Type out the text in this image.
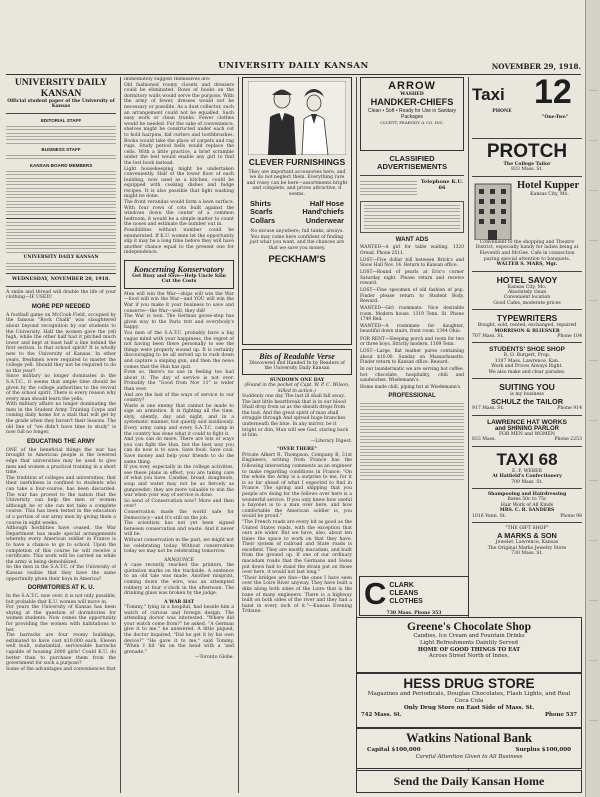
UNIVERSITY DAILY KANSAN	NOVEMBER 29, 1918.
UNIVERSITY DAILY KANSAN
Official student paper of the University of Kansas
EDITORIAL STAFF
BUSINESS STAFF
KANSAN BOARD MEMBERS
UNIVERSITY DAILY KANSAN
WEDNESDAY, NOVEMBER 20, 1918.

A smile and thread will double the life of your clothing—IF USED!

MORE PEP NEEDED

A football game on McCook Field, occupied by the famous "Rock Chalk" was slaughtered about beyond recognition by our students to the University. Half the women gave the yell high, while the other half had it pitched much lower and kept at least half a line behind the first section. Is that school spirit? It is wholly new to the University of Kansas. In other years, freshmen were required to master the college yell. Should they not be required to do so this year?

Since military no longer dominates in the S.A.T.C., it seems that ample time should be given by the college authorities to the revival of the school spirit. There is every reason why every man should learn the yells.

With military affairs no longer dominating the men in the Student Army Training Corps and coming daily home for a stall that will get by the grade when they haven't their lessons. The old line of "we didn't have time to study" is now full no longer.

EDUCATING THE ARMY

ONE of the beneficial things the war has brought to American people is the lowered edge that universities may be used to give men and women a practical training in a short time.

The tradition of colleges and universities, that their usefulness is confined to students who can take a four-course, has been discarded. The war has proved to the nation that the University can help the men or women although he or she can not take a complete course. This has been tested in the education of a portion of our army men by giving them a course in eight weeks.

Although hostilities have ceased, the War Department has made special arrangements whereby every American soldier in France is to have a chance to go to school. Upon the completion of this course he will receive a certificate. This work will be carried on while the army is being demobilized.

So the men in the S.A.T.C. of the University of Kansas realize that they have the same opportunity given their boys in America?

DORMITORIES AT K. U.

In the S.A.T.C. now over, it is not only possible, but probable that K.U. women will move in.

For years the University of Kansas has been shying at the question of dormitories for women students. Now comes the opportunity for providing the women with habitations to her.

The barracks are four roomy buildings, estimated to have cost $10,000 each. Eleven well built, substantial, serviceable barracks capable of housing 2000 girls! Could K.U. do better than to purchase them from the government for such a purpose?

Some of the advantages and conveniences that

immediately suggest themselves are:

Old fashioned roomy closets and dressers could be eliminated. Rows of hooks on the dormitory walls would serve the purpose. With the army of fewer, dresses would not be necessary or possible. As a dust collector, such an arrangement could not be equalled. Such easy work or clean trunks. Fewer clothes would be needed. For the sake of convenience, shelves might be constructed under each cot to hold hairpins, kid curlers and toothbrushes. Books would take the place of carpets and rag rugs. Study period bells would replace the cells. With a little practice, a brief scramble under the bed would enable any girl to find the lost book instead.

Light housekeeping might be undertaken conveniently. Half of the lower floor of each building, now used as a kitchen, could be equipped with cooking dishes and fudge recipes. It is also possible that light washing might be done.

The front verandas would form a lawn surface. With four rows of cots built against the windows down the center of a common bedroom, it would be a simple matter to count the noses and estimate the number out in.

Possibilities without number could be enumerated. If K.U. women let the opportunity slip it may be a long time before they will have another chance equal to the present one for independence.

Koncerning Konservatory
Get Busy and Save—Help Uncle Sam Cut the Costs

Men will win the War—ships will win the War—food will win the War—and YOU will win the War if you make it your business to save and conserve—the War—well, they did!

The War is won. The German goose-step has given way to the Paris trot and everybody's happy.

You men of the S.A.T.C. probably have a big vague mind with your happiness, the regret of not having been there personally to see the things were properly wound up. It is certainly discouraging to be all served up to rush down and capture a sniping gun, and then the news comes that the Hun has quit.

Even so, there's no use in feeling too bad about it. The day of service is not over. Probably the "Good from Nov 11" is wider than ever.

And are the last of the ways of service to our country?

Waste is one enemy that cannot be made to sign an armistice. It is fighting all the time, slyly, silently, day and night, and in a systematic manner, but quietly and insidiously. Every army camp and every S.A.T.C. camp in the country has done what it could to fight it.

And you can do more. There are lots of ways you can fight the Hun, but the best way you can do now is to save. Save food. Save coal. Save money and help your friends to do the same thing.

If you ever, especially in the college activities, see these plans in effect, you are taking care of what you have. Candles, bread, doughnuts, soap and water may not be as fiercely as gunpowder; they are more valuable to win the war when your way of service is done.

So send of Conservation now? More and then over!

Conservation made the world safe for Democracy—and it's still on the job.

The scientists has not yet been signed between conservation and waste. And it never will be.

Without conservation in the past, we might not be celebrating today. Without conservation today we may not be celebrating tomorrow.

ANNOUNCE

A case recently reached the printers, the quotation marks on the trackside. A sentence to an old tale was made. Another misprint, coming down the wire, was an attempted robbery at four o'clock in the afternoon. The drinking glass was broken by the judge.

A WAR HAT

"Tommy," lying in a hospital, had beside him a watch of curious and foreign design. The attending doctor was interested. "Where did your watch come from?" he asked. "A German give it to me," he answered. A little piqued, the doctor inquired, "Did he get it by his own device?" "He gave it to me," said Tommy, "When I hit 'im on the head with a 'and grenade."

—Toronto Globe.

CLEVER FURNISHINGS

They are important accessories here, and we do not neglect them. Everything rare and rosey can be here—assortments bright and complete, and prices attractive, it seems.

Shirts
Scarfs
Collars
Half Hose
Hand'chiefs
Underwear

No excuse anywhere; full tanks, always. You may come here confident of finding just what you want, and the chances are that we save you money.

PECKHAM'S
Bits of Readable Verse
Discovered and Handed In by Readers of the University Daily Kansan
SUNDOWN ONE DAY
(Found in the pocket of Capt. W. P. C. Wilson, killed in action.)

Suddenly one day The last ill shall fall away. The last little heartbreak that is in our blood Shall drop from us as the sheath drops from the bud, And the great spirit of man shall struggle through And spread huge branches underneath the blue. In any mirror, be it bright or dim, Man will see God, staring back at him.

—Literary Digest.

"OVER THERE"

Private Albert R. Thompson, Company B, 31st Engineers, writing from France has the following interesting comments as an engineer to make regarding conditions in France: "On the whole the Army is a surprise to me, for it is so far ahead of what I expected to find in France. The spring and shipping that you people are doing for the fellows over here is a wonderful service. If you only knew how useful a bayonet is to a man over here, and how comfortable the American soldier is, you would be proud."

"The French roads are every bit as good as the United States roads, with the exception that ours are wider. But we have, also, about ten times the space to work on that they have. Their system of railroad and State roads is excellent. They are mostly macadam, and built from the ground up. If one of our ordinary macadam roads that the Germans and Swiss put down had to stand the strain put on those over here, it would not last long."

"Their bridges are fine—the ones I have seen over the Loire River anyway. They have built a dike along both sides of the Loire that is the bane of many engineers. There is a highway built on both sides of the river and they had a hand in every inch of it."—Kansas Evening Tribune.

ARROW
WASHED
HANDKER-CHIEFS
Clean • Soft • Ready for Use in Sanitary Packages
CLUETT, PEABODY & CO. INC.
CLASSIFIED ADVERTISEMENTS
Telephone K.U. 66
WANT ADS

WANTED—A girl for table waiting. 1320 Oread. Phone 2511.

LOST—Five dollar bill between Brick's and Snow Hall Nov. 14. Return to Kansan office.

LOST—Round of pearls at Eric's corner Saturday night. Please return and receive reward.

LOST—Fine specimen of old fashion of pop. Finder please return to Student Body. Reward.

WANTED—Girl roommate. Nice desirable room. Modern house. 1319 Tenn. St. Phone 1749 Red.

WANTED—A roommate for daughter, beautiful down stairs, front room. 1344 Ohio.

FOR RENT—Sleeping porch and room for two or three boys. Strictly modern. 1109 Tenn.

LOST—Large, flat leather purse containing about $10.00. Sunday on Massachusetts. Finder return to Kansan office. Reward.

In our laundermatic we are serving hot coffee, hot chocolate, hospitality, chili and sandwiches. Wiedemann's.

Home made chili, piping hot at Wiedemann's.

PROFESSIONAL
Taxi 12
PHONE
"One-Two"
PROTCH
The College Tailor
833 Mass. St.
Hotel Kupper
Kansas City, Mo.

Convenient to the shopping and Theatre District, especially handy for ladies being at Eleventh and McGee. Cafe in connection paying special attention to banquets.

WALTER S. MARS, Mgr.
HOTEL SAVOY
Kansas City, Mo.
Absolutely clean
Convenient location
Good Cafes, moderate prices
TYPEWRITERS
Bought, sold, rented, exchanged, repaired
MORRISON & BLIESNER
707 Mass. St.	Phone 104
STUDENTS' SHOE SHOP
R. O. Burgert, Prop.
1107 Mass. Lawrence, Kan.
Work and Prices Always Right.
We also make and clear parades.
SUITING YOU
is my business
SCHULZ the TAILOR
917 Mass. St.	Phone 914
LAWRENCE HAT WORKS
and SHINING PARLOR
FOR MEN and WOMEN
833 Mass.	Phone 2253
TAXI 68
E. F. WEBER
At Hatfield's Confectionery
709 Mass. St.
Shampooing and Hairdressing
Rates 50c to 75c
Hair Work of All Kinds
MRS. C. R. SANDERS
1016 Venn. St.	Phone 98
"THE GIFT SHOP"
A MARKS & SON
Jeweler, Lawrence, Kansas
The Original Marks Jewelry Store
730 Mass. St.
C CLARK
CLEANS
CLOTHES
730 Mass. Phone 353
Greene's Chocolate Shop
Candies, Ice Cream and Fountain Drinks
Light Refreshments Daintily Served
HOME OF GOOD THINGS TO EAT
Across Street North of Innes.
HESS DRUG STORE
Magazines and Periodicals, Douglas Chocolates, Flash Lights, and Real Coca Cola
Only Drug Store on East Side of Mass. St.
742 Mass. St.	Phone 537
Watkins National Bank
Capital $100,000	Surplus $100,000
Careful Attention Given to All Business
Send the Daily Kansan Home
